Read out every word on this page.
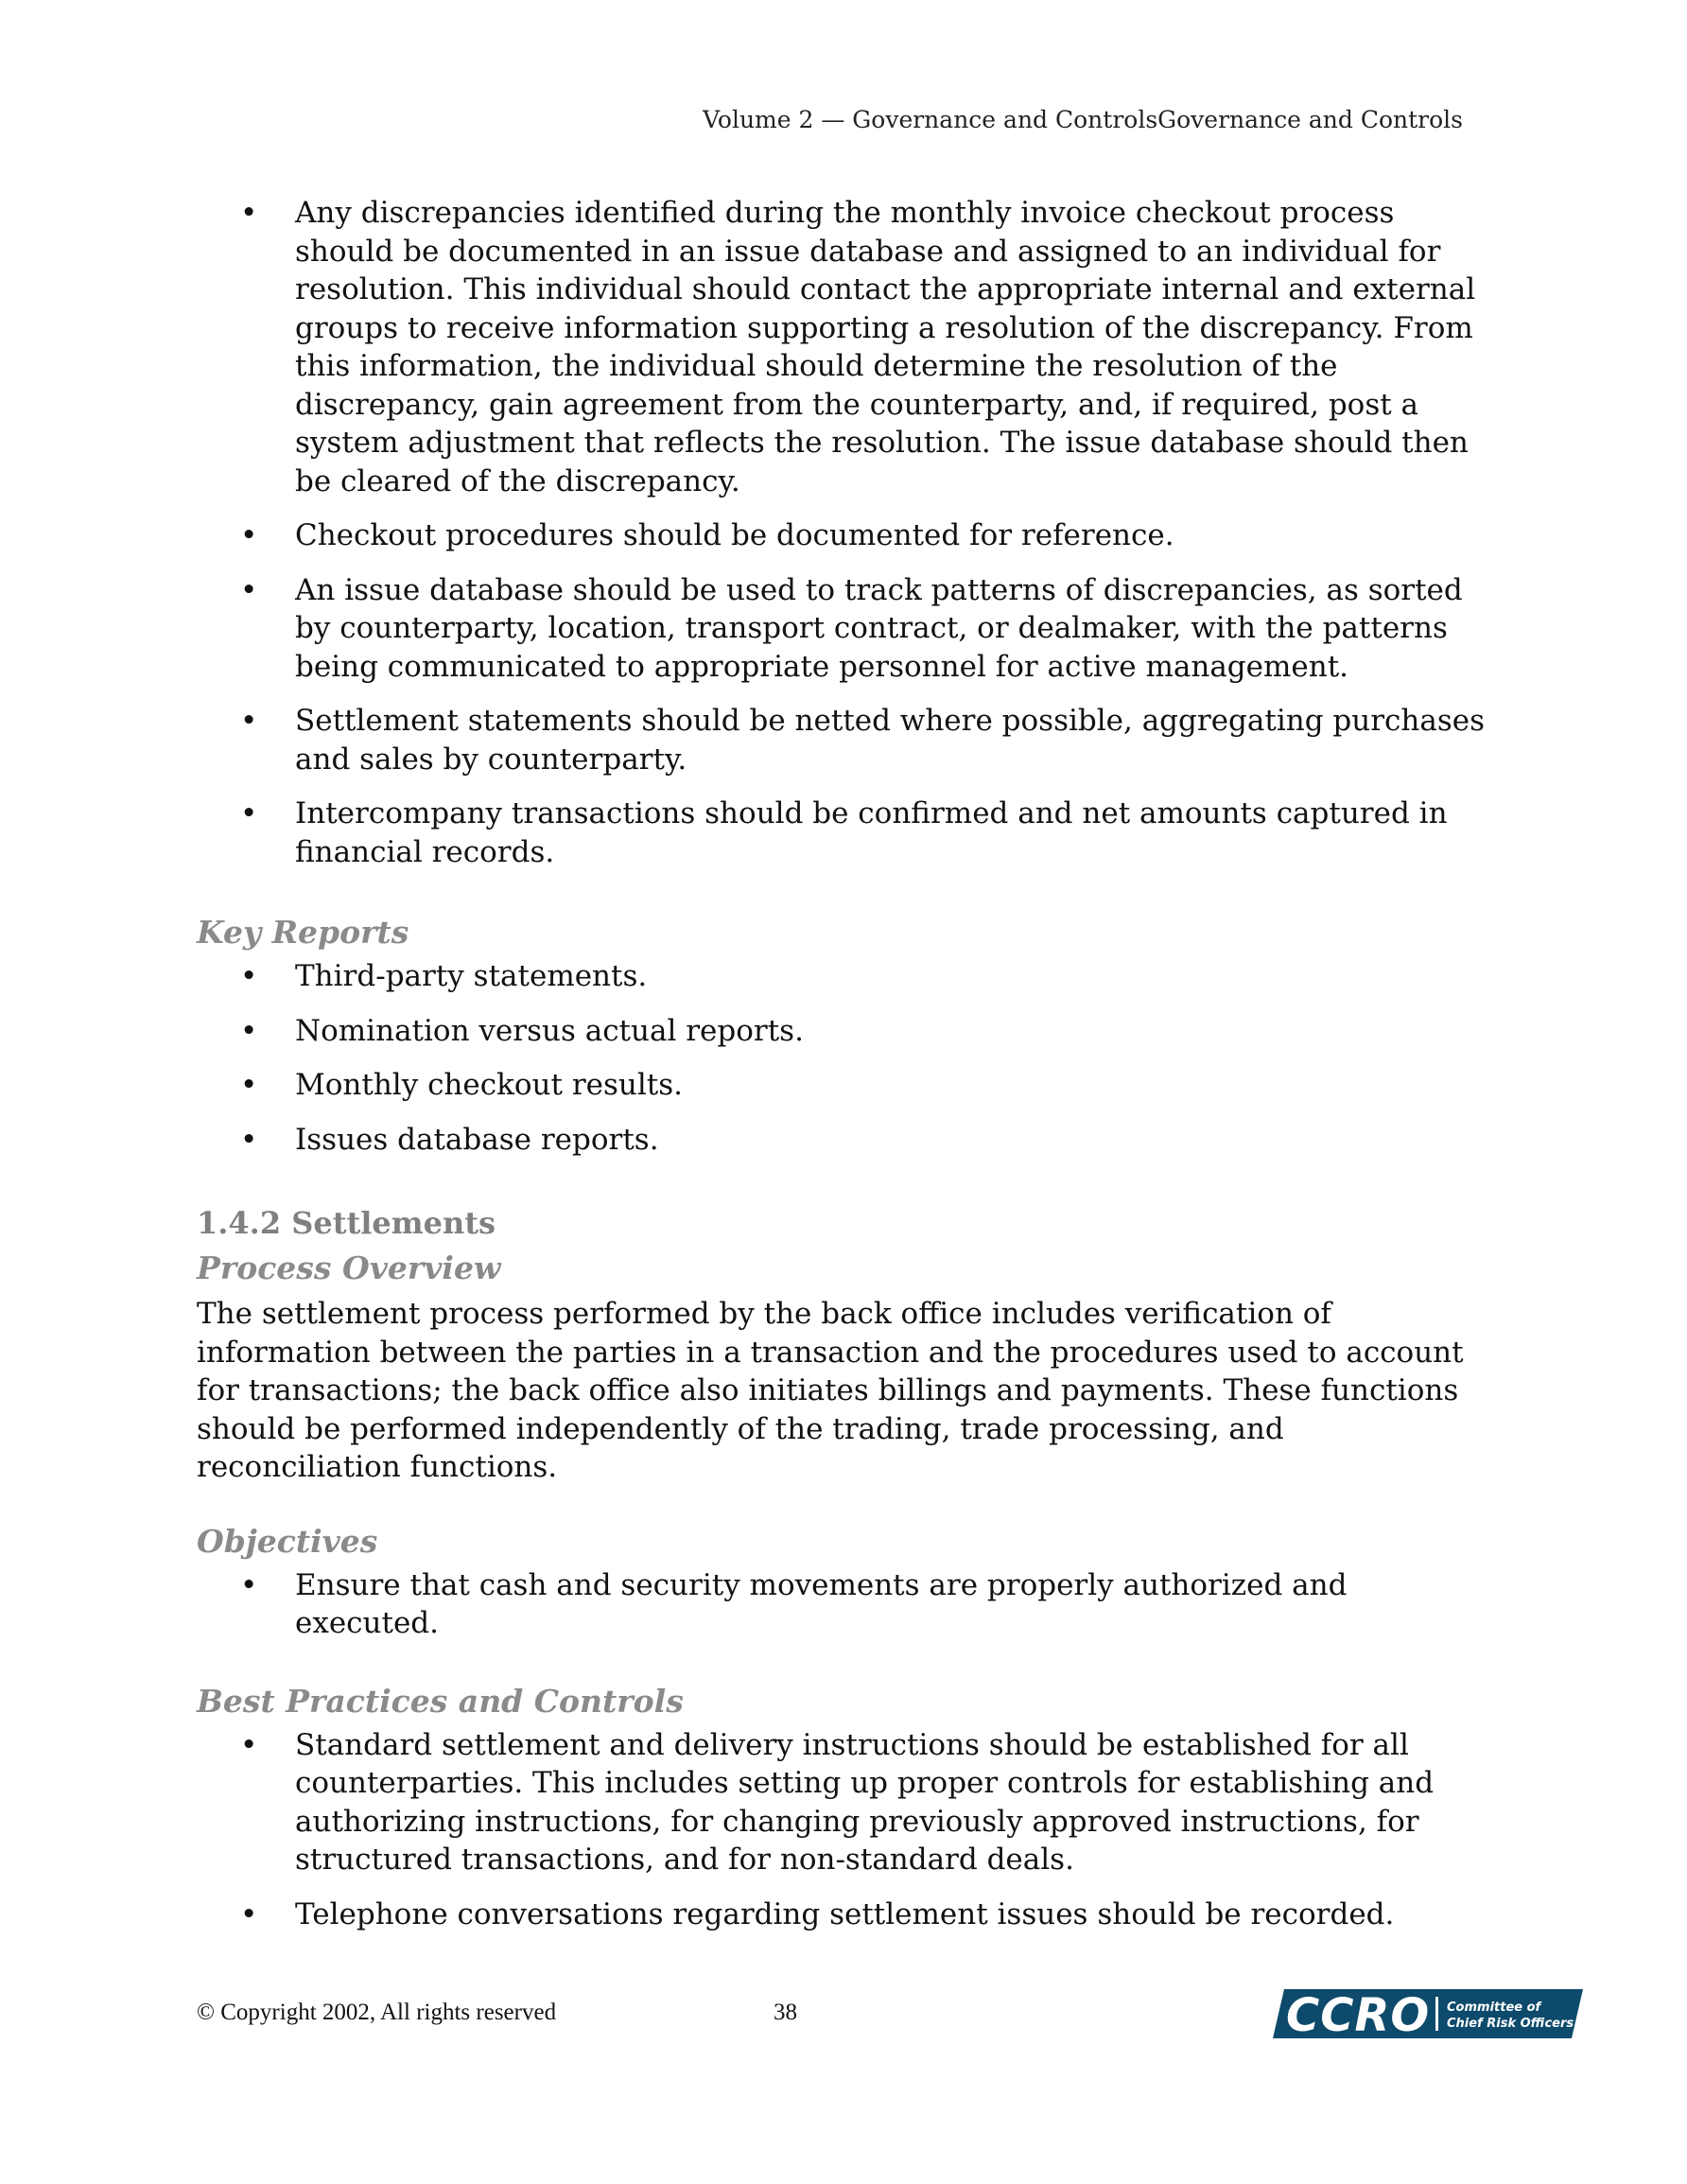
Volume 2 — Governance and ControlsGovernance and Controls
• Any discrepancies identified during the monthly invoice checkout process should be documented in an issue database and assigned to an individual for resolution. This individual should contact the appropriate internal and external groups to receive information supporting a resolution of the discrepancy. From this information, the individual should determine the resolution of the discrepancy, gain agreement from the counterparty, and, if required, post a system adjustment that reflects the resolution. The issue database should then be cleared of the discrepancy.
• Checkout procedures should be documented for reference.
• An issue database should be used to track patterns of discrepancies, as sorted by counterparty, location, transport contract, or dealmaker, with the patterns being communicated to appropriate personnel for active management.
• Settlement statements should be netted where possible, aggregating purchases and sales by counterparty.
• Intercompany transactions should be confirmed and net amounts captured in financial records.
Key Reports
• Third-party statements.
• Nomination versus actual reports.
• Monthly checkout results.
• Issues database reports.
1.4.2 Settlements
Process Overview

The settlement process performed by the back office includes verification of information between the parties in a transaction and the procedures used to account for transactions; the back office also initiates billings and payments. These functions should be performed independently of the trading, trade processing, and reconciliation functions.

Objectives
• Ensure that cash and security movements are properly authorized and executed.
Best Practices and Controls
• Standard settlement and delivery instructions should be established for all counterparties. This includes setting up proper controls for establishing and authorizing instructions, for changing previously approved instructions, for structured transactions, and for non-standard deals.
• Telephone conversations regarding settlement issues should be recorded.
© Copyright 2002, All rights reserved	38	CCRO Committee of
Chief Risk Officers
